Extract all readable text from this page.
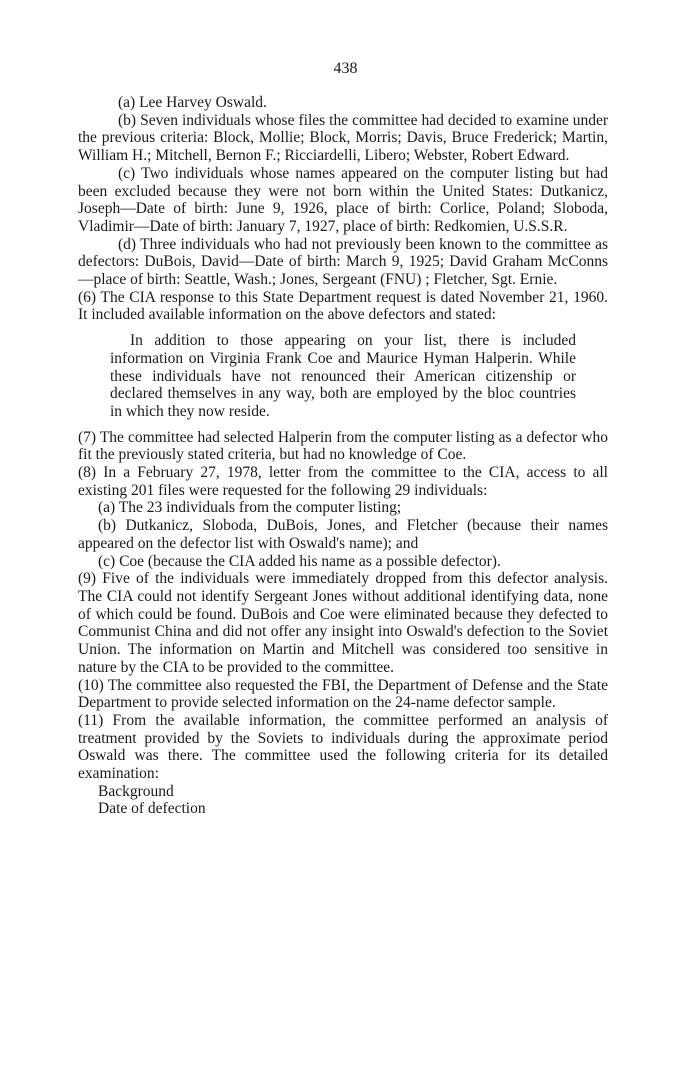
438

(a) Lee Harvey Oswald.

(b) Seven individuals whose files the committee had decided to examine under the previous criteria: Block, Mollie; Block, Morris; Davis, Bruce Frederick; Martin, William H.; Mitchell, Bernon F.; Ricciardelli, Libero; Webster, Robert Edward.

(c) Two individuals whose names appeared on the computer listing but had been excluded because they were not born within the United States: Dutkanicz, Joseph—Date of birth: June 9, 1926, place of birth: Corlice, Poland; Sloboda, Vladimir—Date of birth: January 7, 1927, place of birth: Redkomien, U.S.S.R.

(d) Three individuals who had not previously been known to the committee as defectors: DuBois, David—Date of birth: March 9, 1925; David Graham McConns—place of birth: Seattle, Wash.; Jones, Sergeant (FNU) ; Fletcher, Sgt. Ernie.

(6) The CIA response to this State Department request is dated November 21, 1960. It included available information on the above defectors and stated:

In addition to those appearing on your list, there is included information on Virginia Frank Coe and Maurice Hyman Halperin. While these individuals have not renounced their American citizenship or declared themselves in any way, both are employed by the bloc countries in which they now reside.

(7) The committee had selected Halperin from the computer listing as a defector who fit the previously stated criteria, but had no knowledge of Coe.

(8) In a February 27, 1978, letter from the committee to the CIA, access to all existing 201 files were requested for the following 29 individuals:

(a) The 23 individuals from the computer listing;

(b) Dutkanicz, Sloboda, DuBois, Jones, and Fletcher (because their names appeared on the defector list with Oswald's name); and

(c) Coe (because the CIA added his name as a possible defector).

(9) Five of the individuals were immediately dropped from this defector analysis. The CIA could not identify Sergeant Jones without additional identifying data, none of which could be found. DuBois and Coe were eliminated because they defected to Communist China and did not offer any insight into Oswald's defection to the Soviet Union. The information on Martin and Mitchell was considered too sensitive in nature by the CIA to be provided to the committee.

(10) The committee also requested the FBI, the Department of Defense and the State Department to provide selected information on the 24-name defector sample.

(11) From the available information, the committee performed an analysis of treatment provided by the Soviets to individuals during the approximate period Oswald was there. The committee used the following criteria for its detailed examination:

Background

Date of defection
